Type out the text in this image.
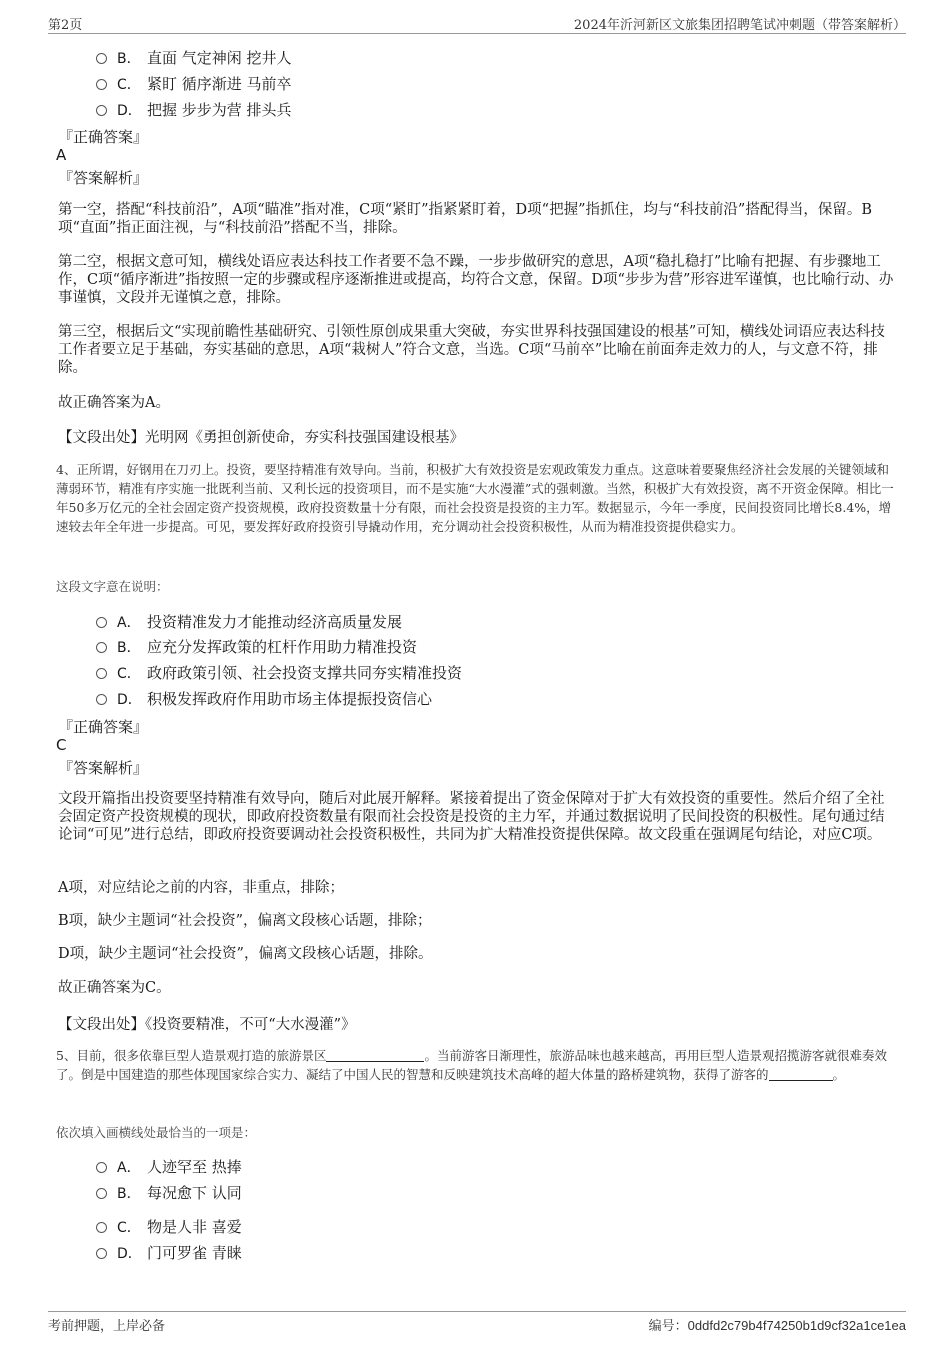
第2页	2024年沂河新区文旅集团招聘笔试冲刺题（带答案解析）
B． 直面 气定神闲 挖井人
C． 紧盯 循序渐进 马前卒
D． 把握 步步为营 排头兵
『正确答案』
A
『答案解析』
第一空，搭配“科技前沿”，A项“瞄准”指对准，C项“紧盯”指紧紧盯着，D项“把握”指抓住，均与“科技前沿”搭配得当，保留。B项“直面”指正面注视，与“科技前沿”搭配不当，排除。
第二空，根据文意可知，横线处语应表达科技工作者要不急不躁，一步步做研究的意思，A项“稳扎稳打”比喻有把握、有步骤地工作，C项“循序渐进”指按照一定的步骤或程序逐渐推进或提高，均符合文意，保留。D项“步步为营”形容进军谨慎，也比喻行动、办事谨慎，文段并无谨慎之意，排除。
第三空，根据后文“实现前瞻性基础研究、引领性原创成果重大突破，夯实世界科技强国建设的根基”可知，横线处词语应表达科技工作者要立足于基础，夯实基础的意思，A项“栽树人”符合文意，当选。C项“马前卒”比喻在前面奔走效力的人，与文意不符，排除。
故正确答案为A。
【文段出处】光明网《勇担创新使命，夯实科技强国建设根基》
4、正所谓，好钢用在刀刃上。投资，要坚持精准有效导向。当前，积极扩大有效投资是宏观政策发力重点。这意味着要聚焦经济社会发展的关键领域和薄弱环节，精准有序实施一批既利当前、又利长远的投资项目，而不是实施“大水漫灌”式的强刺激。当然，积极扩大有效投资，离不开资金保障。相比一年50多万亿元的全社会固定资产投资规模，政府投资数量十分有限，而社会投资是投资的主力军。数据显示，今年一季度，民间投资同比增长8.4%，增速较去年全年进一步提高。可见，要发挥好政府投资引导撬动作用，充分调动社会投资积极性，从而为精准投资提供稳实力。
这段文字意在说明：
A． 投资精准发力才能推动经济高质量发展
B． 应充分发挥政策的杠杆作用助力精准投资
C． 政府政策引领、社会投资支撑共同夯实精准投资
D． 积极发挥政府作用助市场主体提振投资信心
『正确答案』
C
『答案解析』
文段开篇指出投资要坚持精准有效导向，随后对此展开解释。紧接着提出了资金保障对于扩大有效投资的重要性。然后介绍了全社会固定资产投资规模的现状，即政府投资数量有限而社会投资是投资的主力军，并通过数据说明了民间投资的积极性。尾句通过结论词“可见”进行总结，即政府投资要调动社会投资积极性，共同为扩大精准投资提供保障。故文段重在强调尾句结论，对应C项。
A项，对应结论之前的内容，非重点，排除；
B项，缺少主题词“社会投资”，偏离文段核心话题，排除；
D项，缺少主题词“社会投资”，偏离文段核心话题，排除。
故正确答案为C。
【文段出处】《投资要精准，不可“大水漫灌”》
5、目前，很多依靠巨型人造景观打造的旅游景区	。当前游客日渐理性，旅游品味也越来越高，再用巨型人造景观招揽游客就很难奏效了。倒是中国建造的那些体现国家综合实力、凝结了中国人民的智慧和反映建筑技术高峰的超大体量的路桥建筑物，获得了游客的	。
依次填入画横线处最恰当的一项是：
A． 人迹罕至 热捧
B． 每况愈下 认同
C． 物是人非 喜爱
D． 门可罗雀 青睐
考前押题，上岸必备	编号：0ddfd2c79b4f74250b1d9cf32a1ce1ea
